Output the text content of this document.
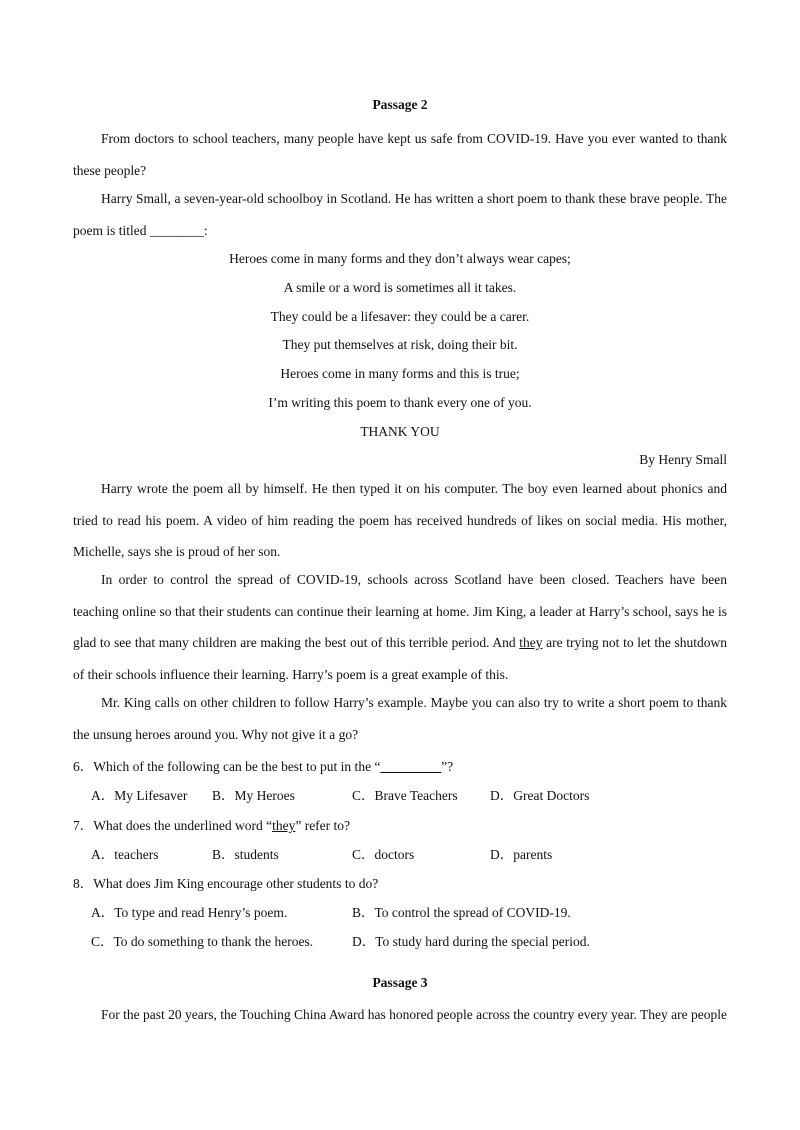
Passage 2

From doctors to school teachers, many people have kept us safe from COVID-19. Have you ever wanted to thank these people?

Harry Small, a seven-year-old schoolboy in Scotland. He has written a short poem to thank these brave people. The poem is titled ________:

Heroes come in many forms and they don’t always wear capes;
A smile or a word is sometimes all it takes.
They could be a lifesaver: they could be a carer.
They put themselves at risk, doing their bit.
Heroes come in many forms and this is true;
I’m writing this poem to thank every one of you.
THANK YOU
By Henry Small

Harry wrote the poem all by himself. He then typed it on his computer. The boy even learned about phonics and tried to read his poem. A video of him reading the poem has received hundreds of likes on social media. His mother, Michelle, says she is proud of her son.

In order to control the spread of COVID-19, schools across Scotland have been closed. Teachers have been teaching online so that their students can continue their learning at home. Jim King, a leader at Harry’s school, says he is glad to see that many children are making the best out of this terrible period. And they are trying not to let the shutdown of their schools influence their learning. Harry’s poem is a great example of this.

Mr. King calls on other children to follow Harry’s example. Maybe you can also try to write a short poem to thank the unsung heroes around you. Why not give it a go?

6．Which of the following can be the best to put in the “_________”?
A．My Lifesaver B．My Heroes	C．Brave Teachers D．Great Doctors
7．What does the underlined word “they” refer to?
A．teachers	B．students	C．doctors	D．parents
8．What does Jim King encourage other students to do?
A．To type and read Henry’s poem.	B．To control the spread of COVID-19.
C．To do something to thank the heroes.	D．To study hard during the special period.
Passage 3

For the past 20 years, the Touching China Award has honored people across the country every year. They are people
